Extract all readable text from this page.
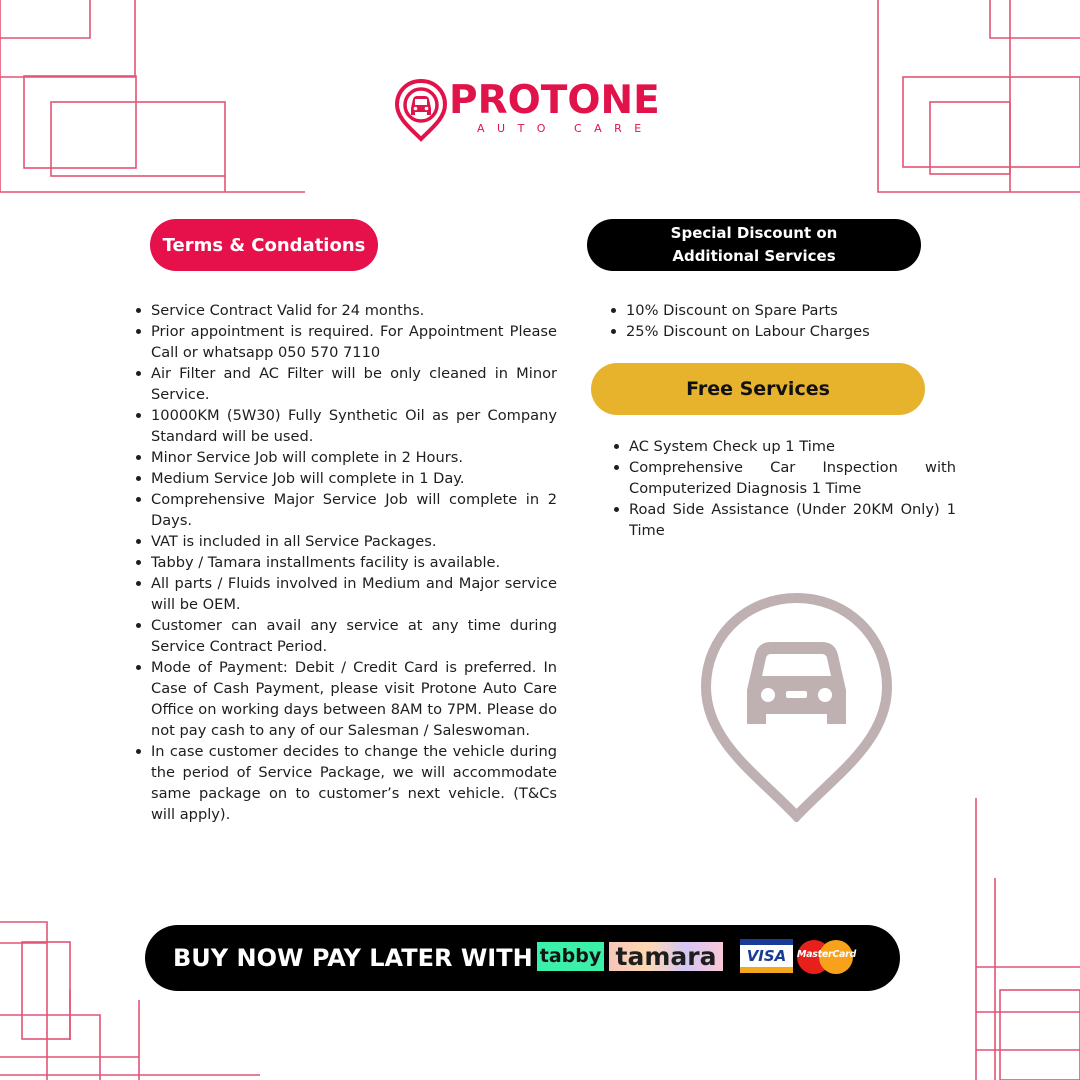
PROTONE
AUTO CARE
Terms & Condations
Special Discount on
Additional Services
Free Services
Service Contract Valid for 24 months.
Prior appointment is required. For Appointment Please Call or whatsapp 050 570 7110
Air Filter and AC Filter will be only cleaned in Minor Service.
10000KM (5W30) Fully Synthetic Oil as per Company Standard will be used.
Minor Service Job will complete in 2 Hours.
Medium Service Job will complete in 1 Day.
Comprehensive Major Service Job will complete in 2 Days.
VAT is included in all Service Packages.
Tabby / Tamara installments facility is available.
All parts / Fluids involved in Medium and Major service will be OEM.
Customer can avail any service at any time during Service Contract Period.
Mode of Payment: Debit / Credit Card is preferred. In Case of Cash Payment, please visit Protone Auto Care Office on working days between 8AM to 7PM. Please do not pay cash to any of our Salesman / Saleswoman.
In case customer decides to change the vehicle during the period of Service Package, we will accommodate same package on to customer’s next vehicle. (T&Cs will apply).
10% Discount on Spare Parts
25% Discount on Labour Charges
AC System Check up 1 Time
Comprehensive Car Inspection with Computerized Diagnosis 1 Time
Road Side Assistance (Under 20KM Only) 1 Time
BUY NOW PAY LATER WITH tabby tamara	VISA	MasterCard
